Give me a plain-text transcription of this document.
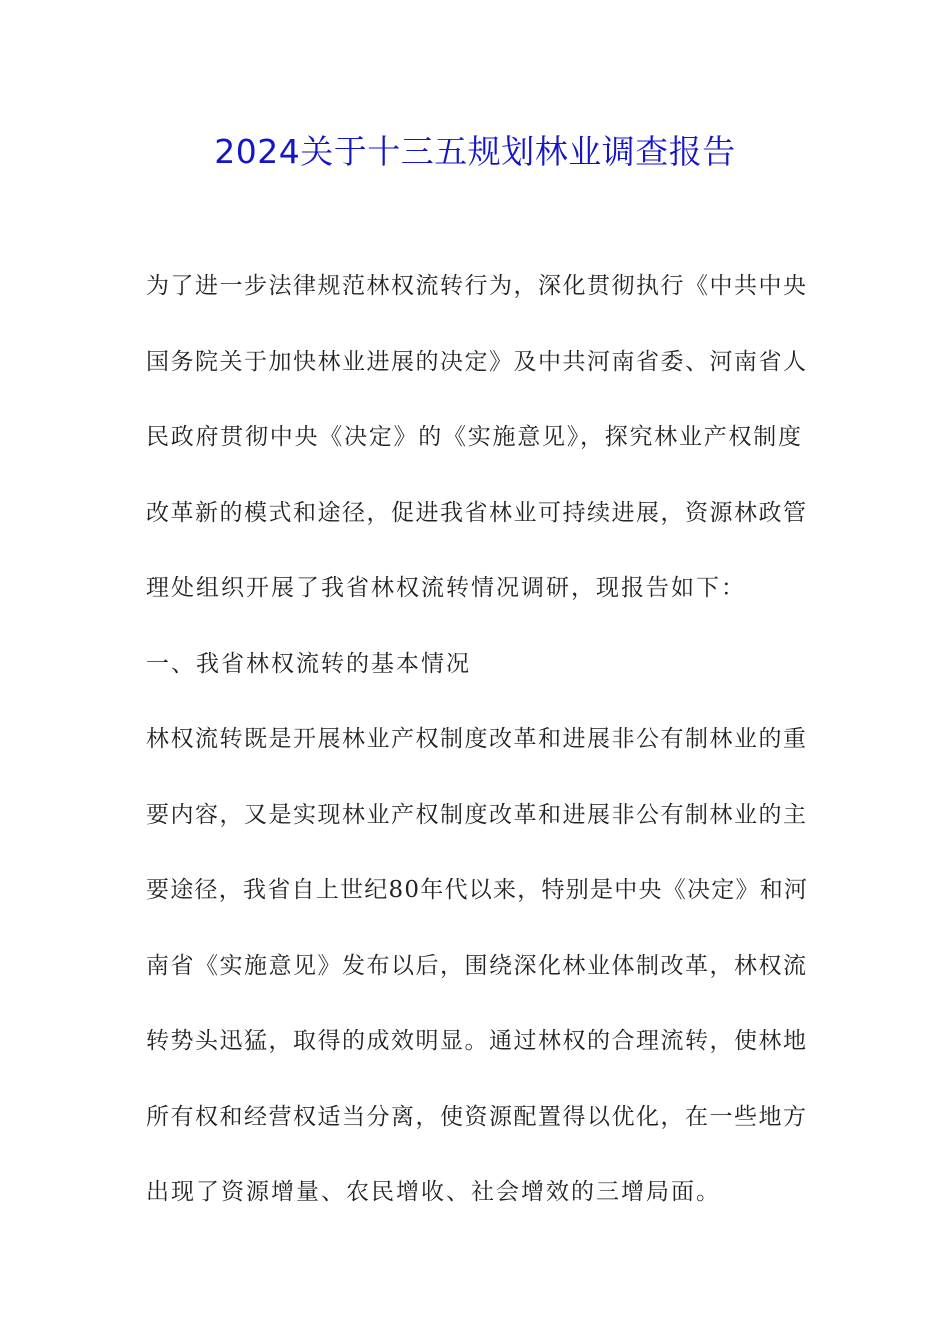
2024关于十三五规划林业调查报告
为了进一步法律规范林权流转行为，深化贯彻执行《中共中央
国务院关于加快林业进展的决定》及中共河南省委、河南省人
民政府贯彻中央《决定》的《实施意见》，探究林业产权制度
改革新的模式和途径，促进我省林业可持续进展，资源林政管
理处组织开展了我省林权流转情况调研，现报告如下：
一、我省林权流转的基本情况
林权流转既是开展林业产权制度改革和进展非公有制林业的重
要内容，又是实现林业产权制度改革和进展非公有制林业的主
要途径，我省自上世纪80年代以来，特别是中央《决定》和河
南省《实施意见》发布以后，围绕深化林业体制改革，林权流
转势头迅猛，取得的成效明显。通过林权的合理流转，使林地
所有权和经营权适当分离，使资源配置得以优化，在一些地方
出现了资源增量、农民增收、社会增效的三增局面。
